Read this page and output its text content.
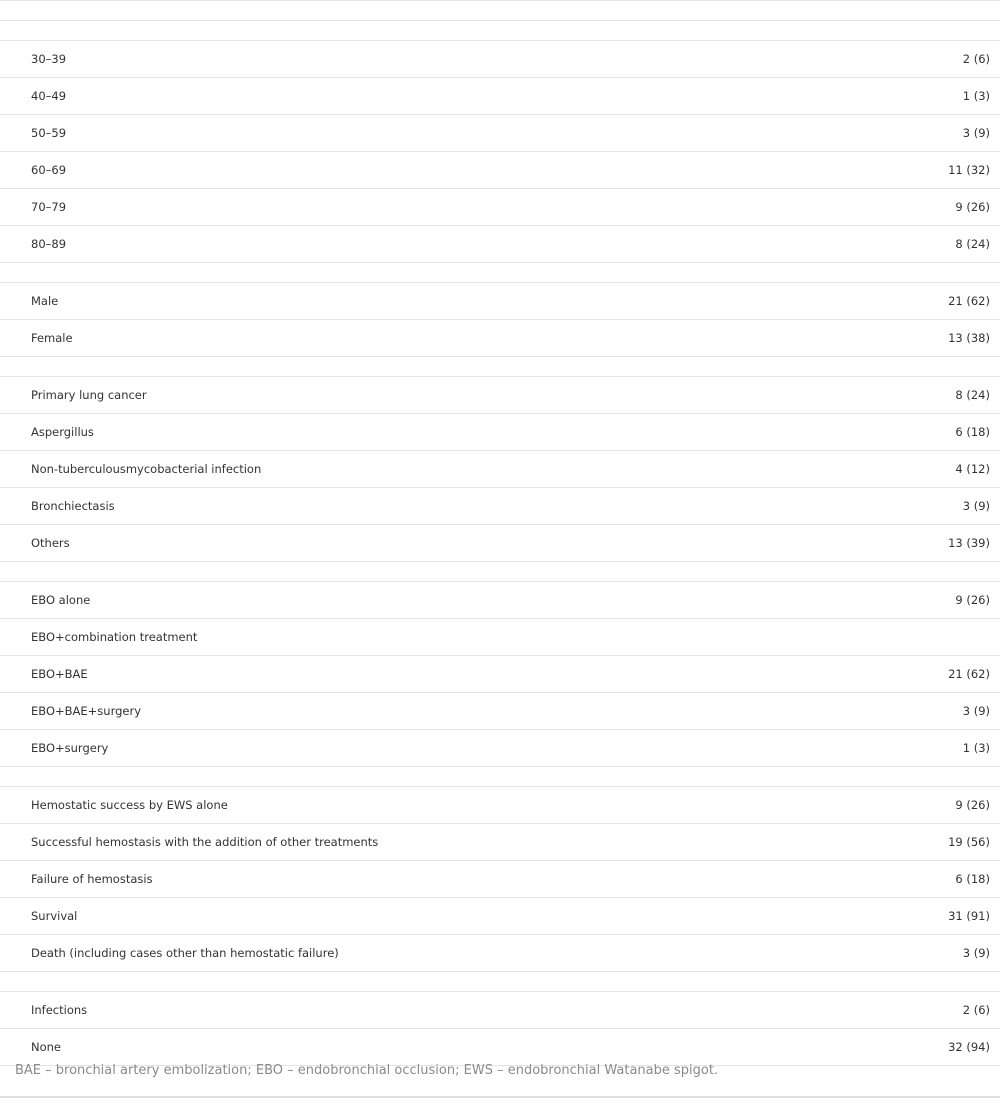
30–39	2 (6)
40–49	1 (3)
50–59	3 (9)
60–69	11 (32)
70–79	9 (26)
80–89	8 (24)
Male	21 (62)
Female	13 (38)
Primary lung cancer	8 (24)
Aspergillus	6 (18)
Non-tuberculousmycobacterial infection	4 (12)
Bronchiectasis	3 (9)
Others	13 (39)
EBO alone	9 (26)
EBO+combination treatment
EBO+BAE	21 (62)
EBO+BAE+surgery	3 (9)
EBO+surgery	1 (3)
Hemostatic success by EWS alone	9 (26)
Successful hemostasis with the addition of other treatments	19 (56)
Failure of hemostasis	6 (18)
Survival	31 (91)
Death (including cases other than hemostatic failure)	3 (9)
Infections	2 (6)
None	32 (94)
BAE – bronchial artery embolization; EBO – endobronchial occlusion; EWS – endobronchial Watanabe spigot.
